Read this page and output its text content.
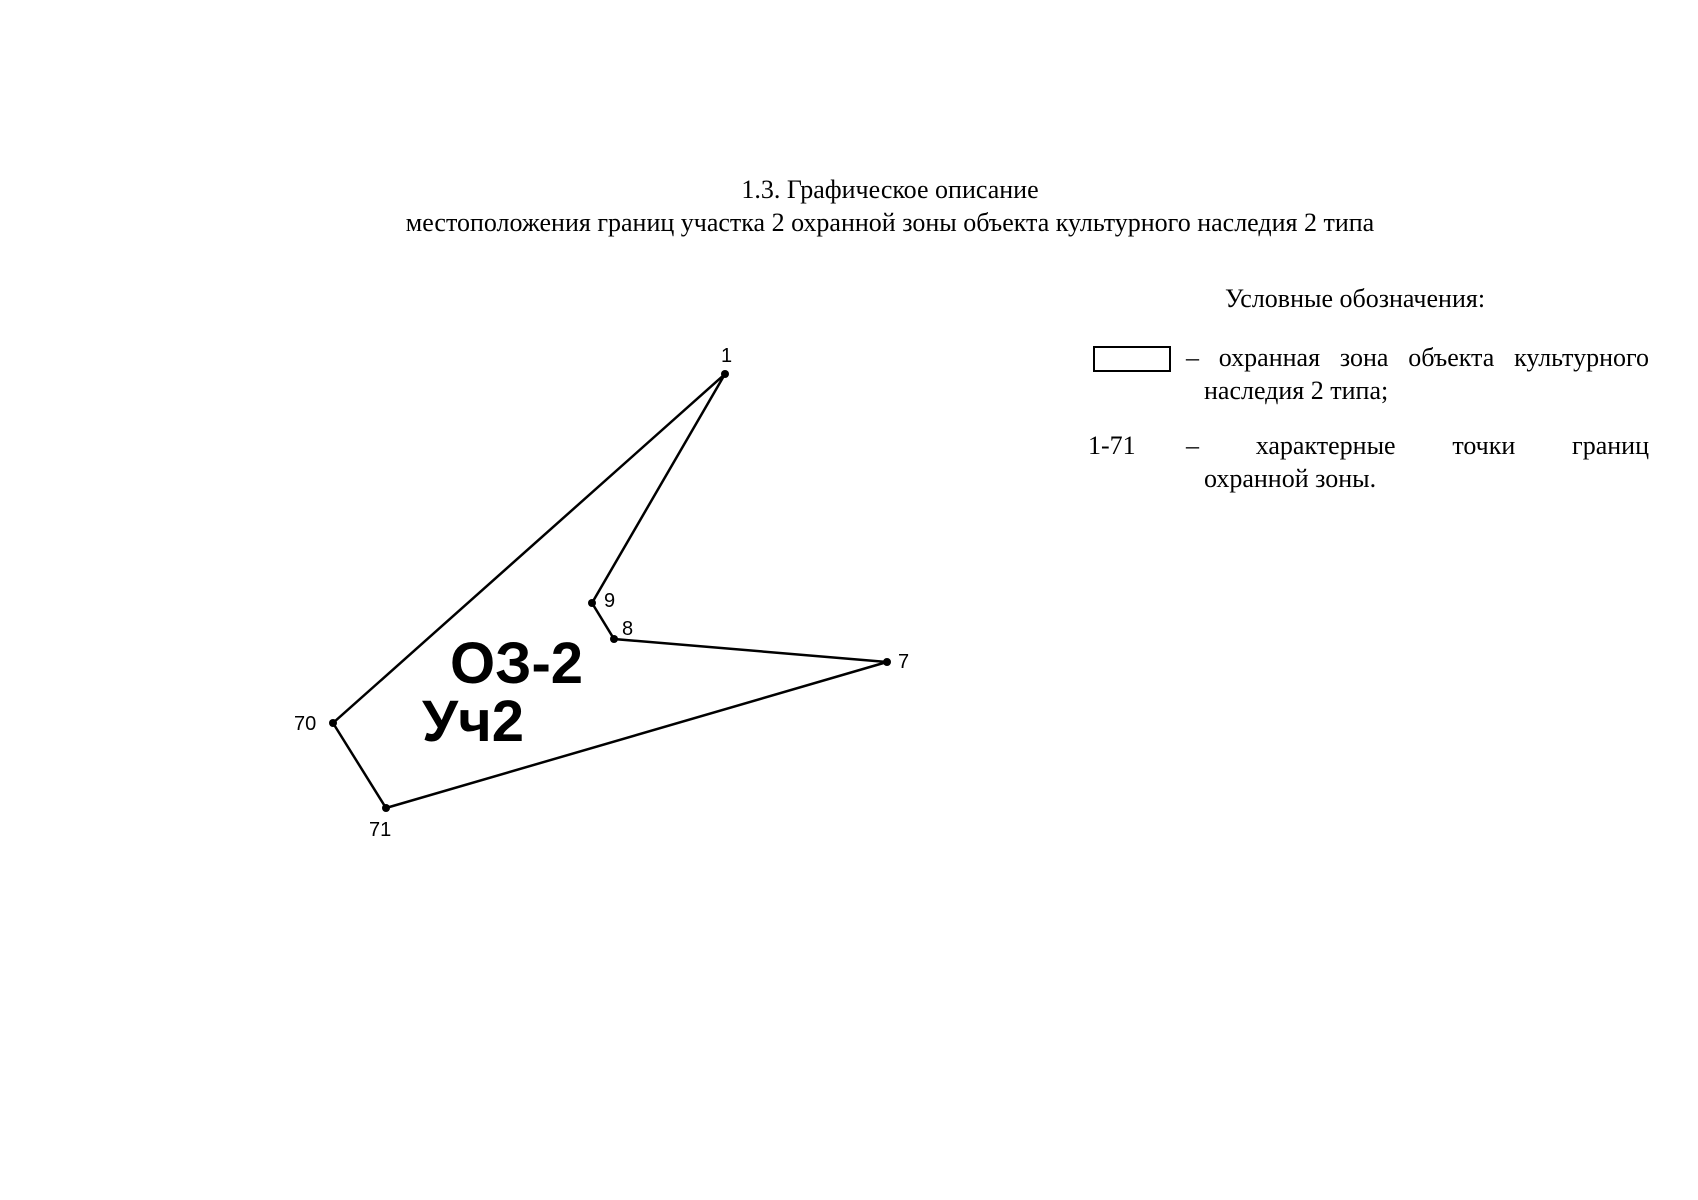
1.3. Графическое описание
местоположения границ участка 2 охранной зоны объекта культурного наследия 2 типа
Условные обозначения:
– охранная зона объекта культурного
наследия 2 типа;
1-71 – характерные точки границ
охранной зоны.
1
9
8
7
71
70
ОЗ-2
Уч2
